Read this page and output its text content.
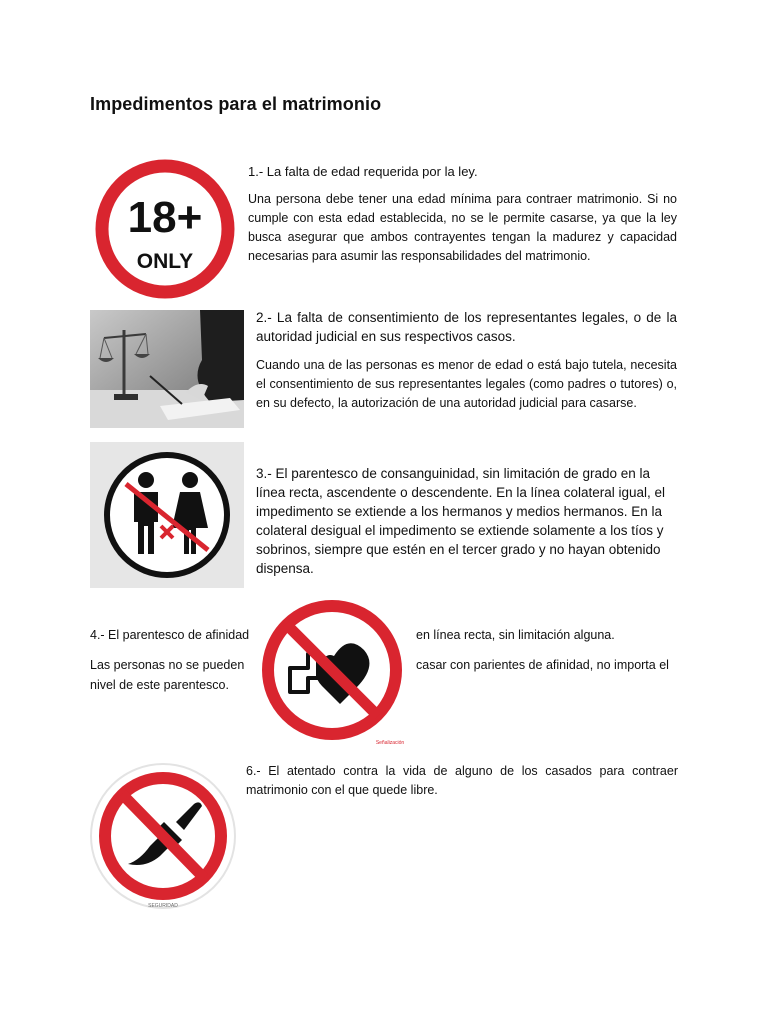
Impedimentos para el matrimonio
18+
ONLY

1.- La falta de edad requerida por la ley.

Una persona debe tener una edad mínima para contraer matrimonio. Si no cumple con esta edad establecida, no se le permite casarse, ya que la ley busca asegurar que ambos contrayentes tengan la madurez y capacidad necesarias para asumir las responsabilidades del matrimonio.

2.- La falta de consentimiento de los representantes legales, o de la autoridad judicial en sus respectivos casos.

Cuando una de las personas es menor de edad o está bajo tutela, necesita el consentimiento de sus representantes legales (como padres o tutores) o, en su defecto, la autorización de una autoridad judicial para casarse.

3.- El parentesco de consanguinidad, sin limitación de grado en la línea recta, ascendente o descendente. En la línea colateral igual, el impedimento se extiende a los hermanos y medios hermanos. En la colateral desigual el impedimento se extiende solamente a los tíos y sobrinos, siempre que estén en el tercer grado y no hayan obtenido dispensa.

4.- El parentesco de afinidad

Señalización

en línea recta, sin limitación alguna.

Las personas no se pueden	casar con parientes de afinidad, no importa el

nivel de este parentesco.

SEGURIDAD

6.- El atentado contra la vida de alguno de los casados para contraer matrimonio con el que quede libre.
